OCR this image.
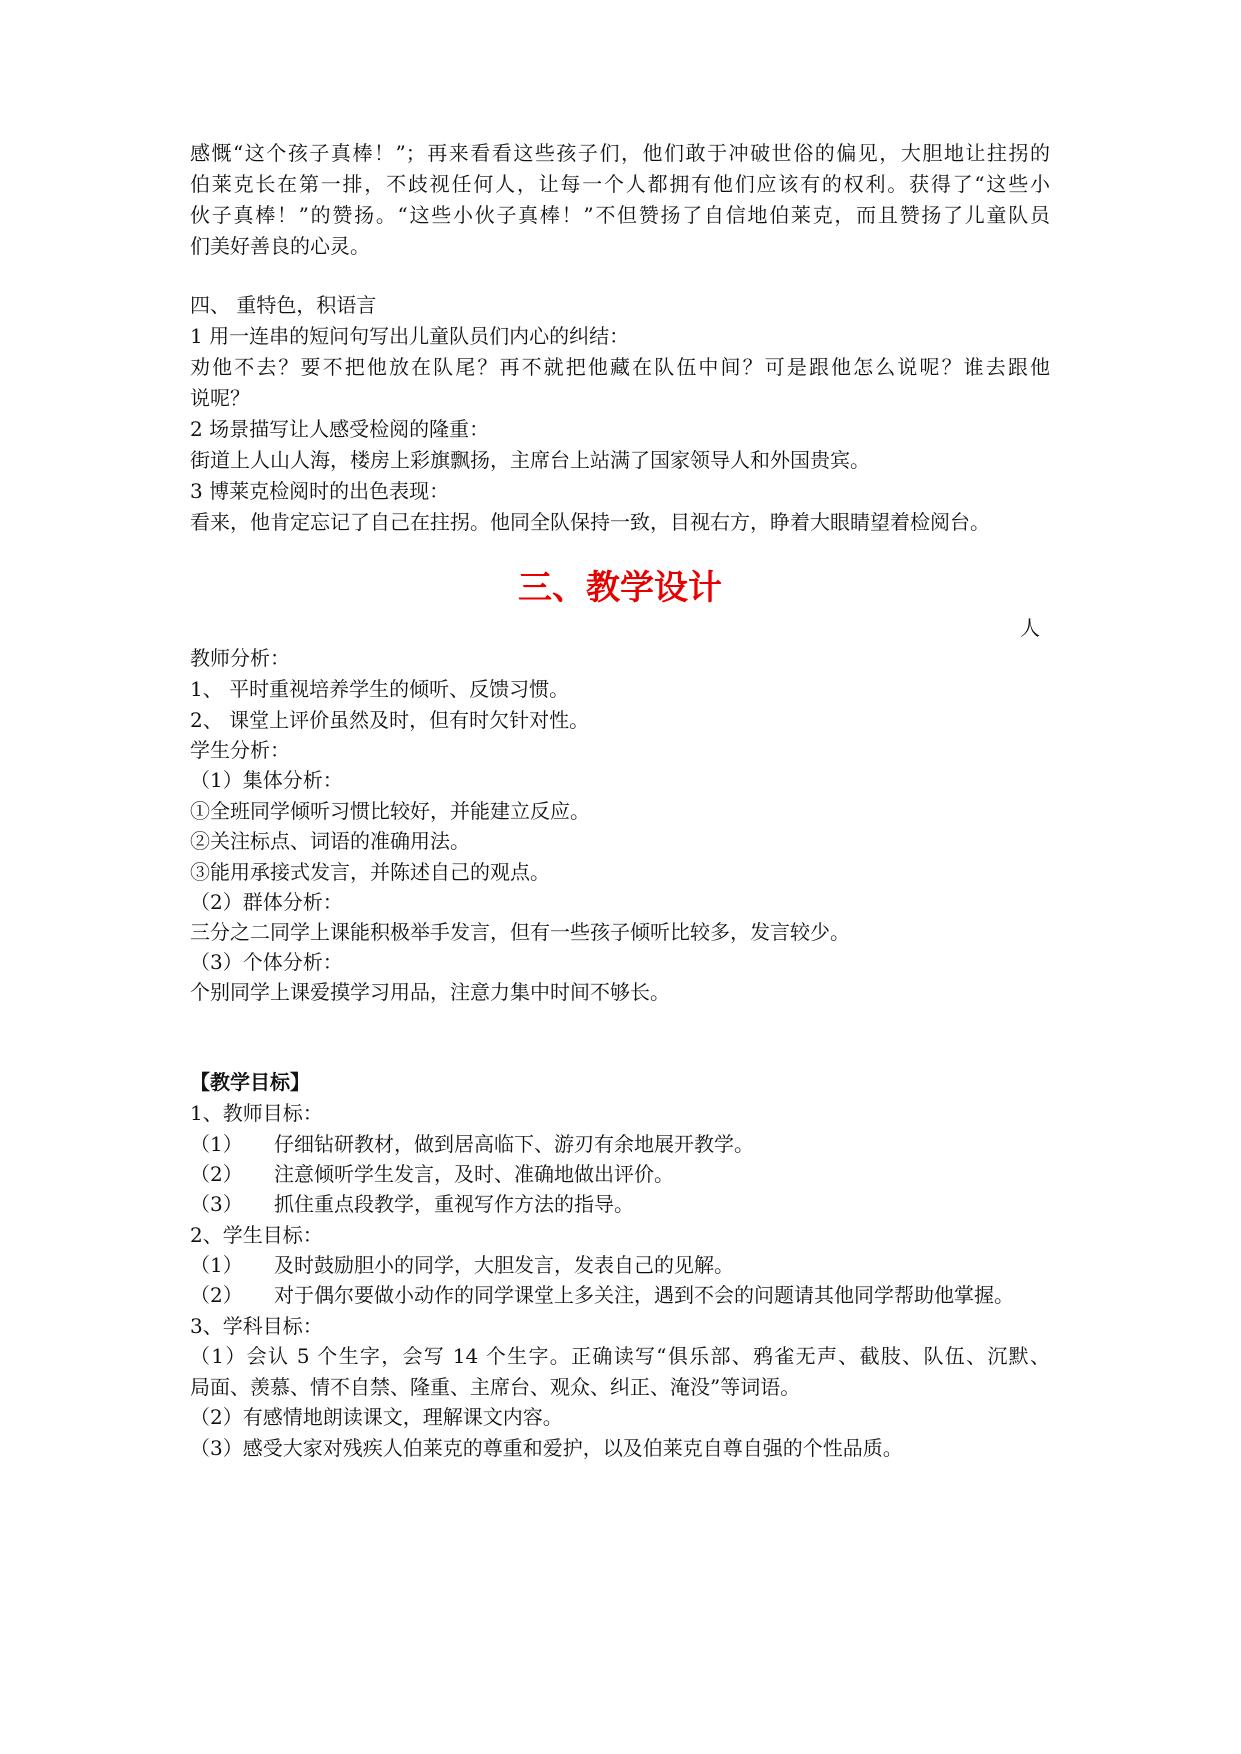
感慨“这个孩子真棒！”；再来看看这些孩子们，他们敢于冲破世俗的偏见，大胆地让拄拐的
伯莱克长在第一排，不歧视任何人，让每一个人都拥有他们应该有的权利。获得了“这些小
伙子真棒！”的赞扬。“这些小伙子真棒！”不但赞扬了自信地伯莱克，而且赞扬了儿童队员
们美好善良的心灵。
四、 重特色，积语言
1 用一连串的短问句写出儿童队员们内心的纠结：
劝他不去？要不把他放在队尾？再不就把他藏在队伍中间？可是跟他怎么说呢？谁去跟他
说呢？
2 场景描写让人感受检阅的隆重：
街道上人山人海，楼房上彩旗飘扬，主席台上站满了国家领导人和外国贵宾。
3 博莱克检阅时的出色表现：
看来，他肯定忘记了自己在拄拐。他同全队保持一致，目视右方，睁着大眼睛望着检阅台。
三、教学设计
人
教师分析：
1、 平时重视培养学生的倾听、反馈习惯。
2、 课堂上评价虽然及时，但有时欠针对性。
学生分析：
（1）集体分析：
①全班同学倾听习惯比较好，并能建立反应。
②关注标点、词语的准确用法。
③能用承接式发言，并陈述自己的观点。
（2）群体分析：
三分之二同学上课能积极举手发言，但有一些孩子倾听比较多，发言较少。
（3）个体分析：
个别同学上课爱摸学习用品，注意力集中时间不够长。
【教学目标】
1、教师目标：
（1） 仔细钻研教材，做到居高临下、游刃有余地展开教学。
（2） 注意倾听学生发言，及时、准确地做出评价。
（3） 抓住重点段教学，重视写作方法的指导。
2、学生目标：
（1） 及时鼓励胆小的同学，大胆发言，发表自己的见解。
（2） 对于偶尔要做小动作的同学课堂上多关注，遇到不会的问题请其他同学帮助他掌握。
3、学科目标：
（1）会认 5 个生字，会写 14 个生字。正确读写“俱乐部、鸦雀无声、截肢、队伍、沉默、
局面、羡慕、情不自禁、隆重、主席台、观众、纠正、淹没”等词语。
（2）有感情地朗读课文，理解课文内容。
（3）感受大家对残疾人伯莱克的尊重和爱护，以及伯莱克自尊自强的个性品质。
